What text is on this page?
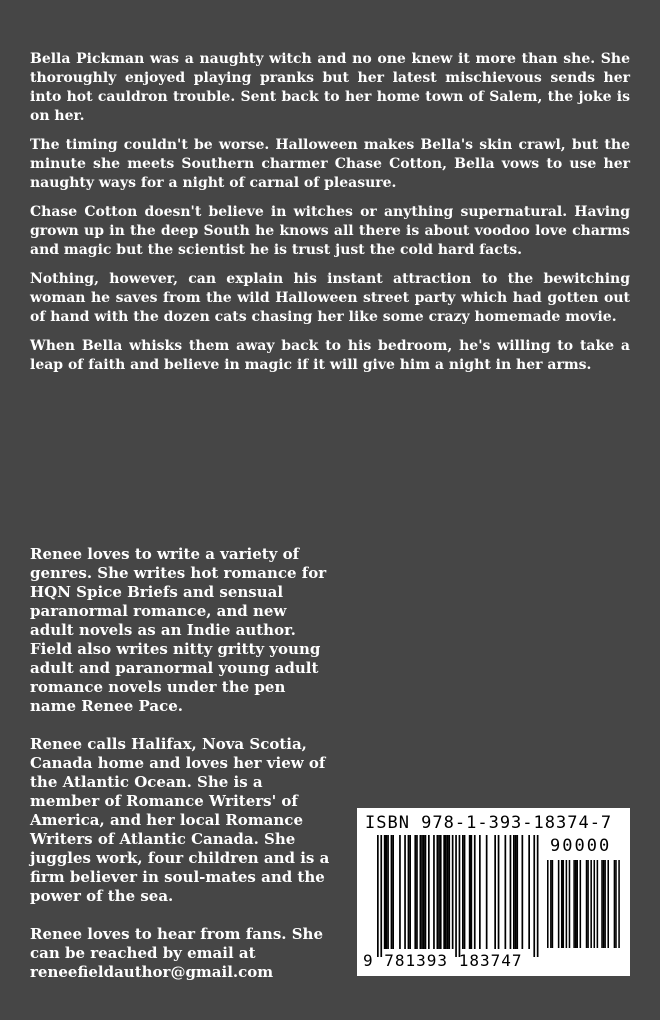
Bella Pickman was a naughty witch and no one knew it more than she. She thoroughly enjoyed playing pranks but her latest mischievous sends her into hot cauldron trouble. Sent back to her home town of Salem, the joke is on her.

The timing couldn't be worse. Halloween makes Bella's skin crawl, but the minute she meets Southern charmer Chase Cotton, Bella vows to use her naughty ways for a night of carnal of pleasure.

Chase Cotton doesn't believe in witches or anything supernatural. Having grown up in the deep South he knows all there is about voodoo love charms and magic but the scientist he is trust just the cold hard facts.

Nothing, however, can explain his instant attraction to the bewitching woman he saves from the wild Halloween street party which had gotten out of hand with the dozen cats chasing her like some crazy homemade movie.

When Bella whisks them away back to his bedroom, he's willing to take a leap of faith and believe in magic if it will give him a night in her arms.

Renee loves to write a variety of genres. She writes hot romance for HQN Spice Briefs and sensual paranormal romance, and new adult novels as an Indie author. Field also writes nitty gritty young adult and paranormal young adult romance novels under the pen name Renee Pace.

Renee calls Halifax, Nova Scotia, Canada home and loves her view of the Atlantic Ocean. She is a member of Romance Writers' of America, and her local Romance Writers of Atlantic Canada. She juggles work, four children and is a firm believer in soul-mates and the power of the sea.

Renee loves to hear from fans. She can be reached by email at reneefieldauthor@gmail.com

ISBN 978-1-393-18374-7
90000
9 781393 183747
